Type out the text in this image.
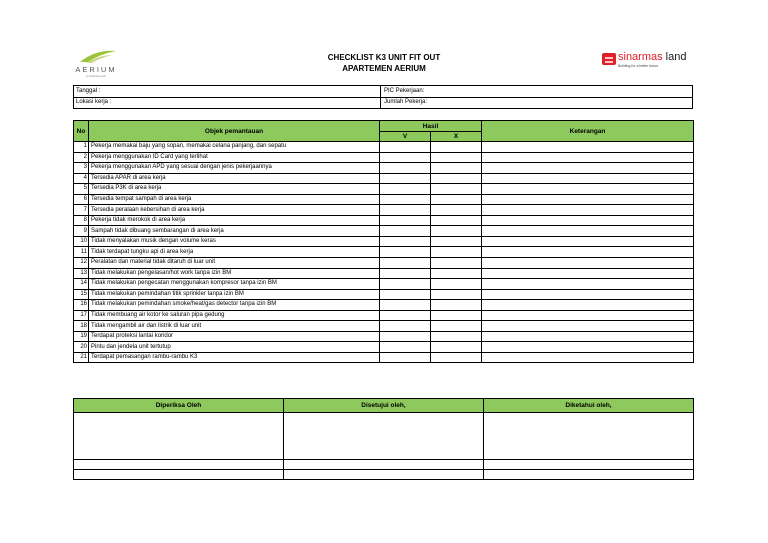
CHECKLIST K3 UNIT FIT OUT
APARTEMEN AERIUM
AERIUM
by Sinarmas Land
sinarmas land
Building for a better future
Tanggal :	PIC Pekerjaan:
Lokasi kerja :	Jumlah Pekerja:
No	Objek pemantauan	Hasil		Keterangan
		V	X	
1	Pekerja memakai baju yang sopan, memakai celana panjang, dan sepatu			
2	Pekerja menggunakan ID Card yang terlihat			
3	Pekerja menggunakan APD yang sesuai dengan jenis pekerjaannya			
4	Tersedia APAR di area kerja			
5	Tersedia P3K di area kerja			
6	Tersedia tempat sampah di area kerja			
7	Tersedia peralaan kebersihan di area kerja			
8	Pekerja tidak merokok di area kerja			
9	Sampah tidak dibuang sembarangan di area kerja			
10	Tidak menyalakan musik dengan volume keras			
11	Tidak terdapat tungku api di area kerja			
12	Peralatan dan material tidak ditaruh di luar unit			
13	Tidak melakukan pengelasan/hot work tanpa izin BM			
14	Tidak melakukan pengecatan menggunakan kompresor tanpa izin BM			
15	Tidak melakukan pemindahan titik sprinkler tanpa izin BM			
16	Tidak melakukan pemindahan smoke/heat/gas detector tanpa izin BM			
17	Tidak membuang air kotor ke saluran pipa gedung			
18	Tidak mengambil air dan listrik di luar unit			
19	Terdapat proteksi lantai koridor			
20	Pintu dan jendela unit tertutup			
21	Terdapat pemasangan rambu-rambu K3			
Diperiksa Oleh	Disetujui oleh,	Diketahui oleh,
